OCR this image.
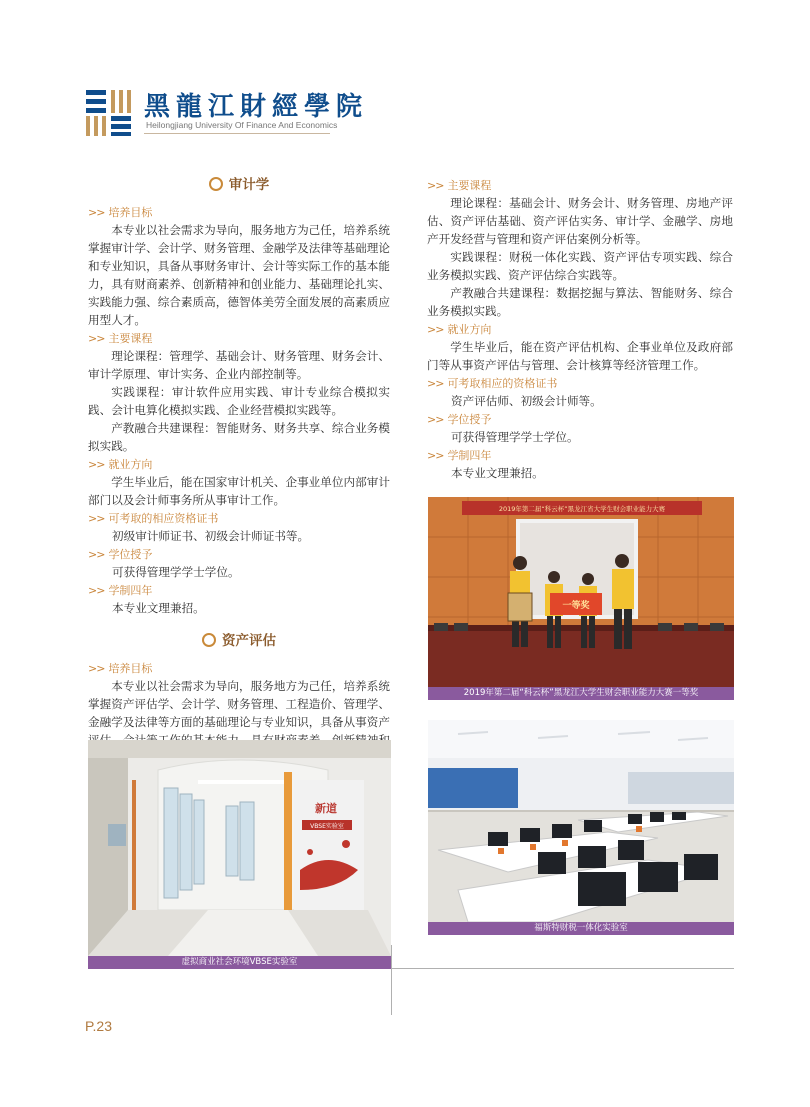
黑龍江財經學院
Heilongjiang University Of Finance And Economics
审计学
>> 培养目标

本专业以社会需求为导向，服务地方为己任，培养系统掌握审计学、会计学、财务管理、金融学及法律等基础理论和专业知识，具备从事财务审计、会计等实际工作的基本能力，具有财商素养、创新精神和创业能力、基础理论扎实、实践能力强、综合素质高，德智体美劳全面发展的高素质应用型人才。

>> 主要课程

理论课程：管理学、基础会计、财务管理、财务会计、审计学原理、审计实务、企业内部控制等。

实践课程：审计软件应用实践、审计专业综合模拟实践、会计电算化模拟实践、企业经营模拟实践等。

产教融合共建课程：智能财务、财务共享、综合业务模拟实践。

>> 就业方向

学生毕业后，能在国家审计机关、企事业单位内部审计部门以及会计师事务所从事审计工作。

>> 可考取的相应资格证书

初级审计师证书、初级会计师证书等。

>> 学位授予

可获得管理学学士学位。

>> 学制四年

本专业文理兼招。

资产评估
>> 培养目标

本专业以社会需求为导向，服务地方为己任，培养系统掌握资产评估学、会计学、财务管理、工程造价、管理学、金融学及法律等方面的基础理论与专业知识，具备从事资产

>> 主要课程

理论课程：基础会计、财务会计、财务管理、房地产评估、资产评估基础、资产评估实务、审计学、金融学、房地产开发经营与管理和资产评估案例分析等。

实践课程：财税一体化实践、资产评估专项实践、综合业务模拟实践、资产评估综合实践等。

产教融合共建课程：数据挖掘与算法、智能财务、综合业务模拟实践。

>> 就业方向

学生毕业后，能在资产评估机构、企事业单位及政府部门等从事资产评估与管理、会计核算等经济管理工作。

>> 可考取相应的资格证书

资产评估师、初级会计师等。

>> 学位授予

可获得管理学学士学位。

>> 学制四年

本专业文理兼招。

2019年第二届“科云杯”黑龙江省大学生财会职业能力大赛
一等奖
2019年第二届“科云杯”黑龙江大学生财会职业能力大赛一等奖
福斯特财税一体化实验室
新道
VBSE实验室
虚拟商业社会环境VBSE实验室
P.23
